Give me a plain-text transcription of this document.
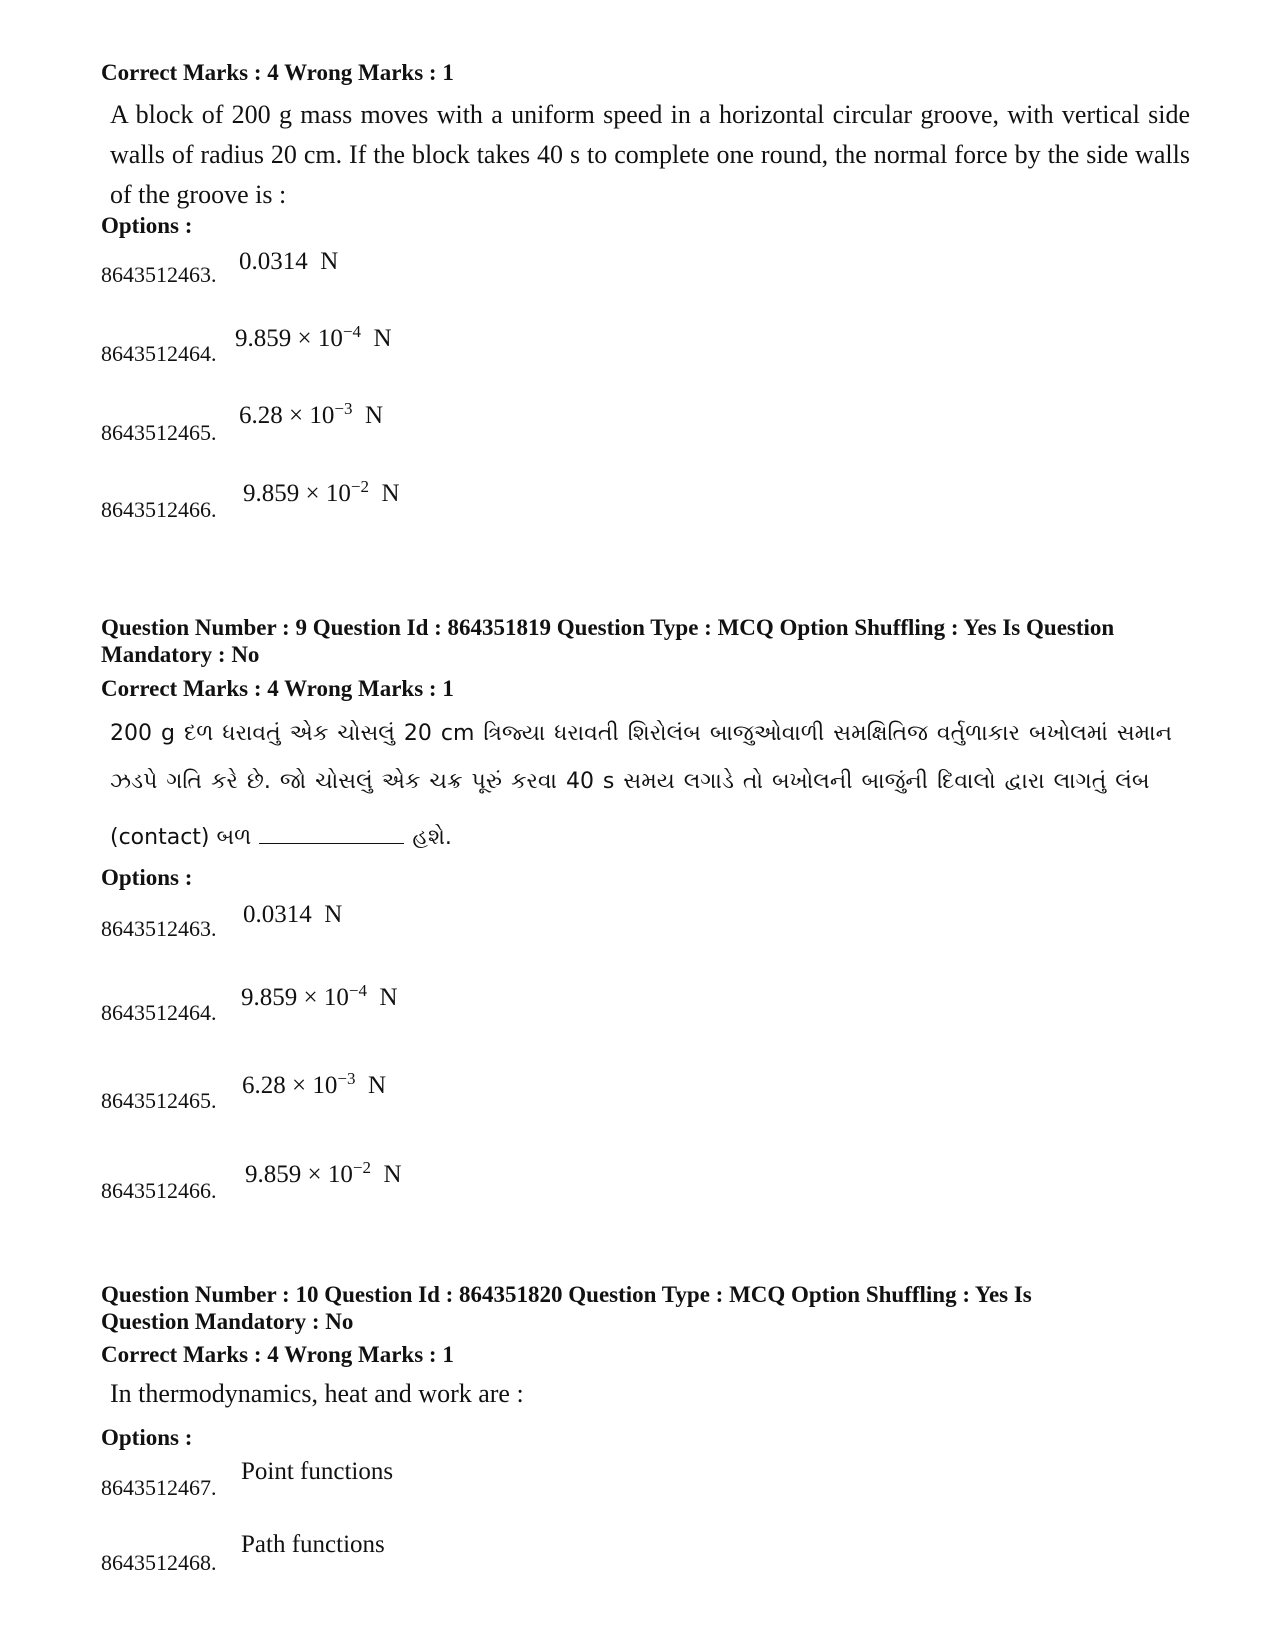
Correct Marks : 4 Wrong Marks : 1
A block of 200 g mass moves with a uniform speed in a horizontal circular groove, with vertical side walls of radius 20 cm. If the block takes 40 s to complete one round, the normal force by the side walls of the groove is :
Options :
8643512463. 0.0314 N
8643512464.
$9.859 \times 10^{-4}$ N
8643512465.
$6.28 \times 10^{-3}$ N
8643512466.
$9.859 \times 10^{-2}$ N
Question Number : 9 Question Id : 864351819 Question Type : MCQ Option Shuffling : Yes Is Question
Mandatory : No
Correct Marks : 4 Wrong Marks : 1
200 g દળ ધરાવતું એક ચોસલું 20 cm ત્રિજ્યા ધરાવતી શિરોલંબ બાજુઓવાળી સમક્ષિતિજ વર્તુળાકાર બખોલમાં સમાન
ઝડપે ગતિ કરે છે. જો ચોસલું એક ચક્ર પૂરું કરવા 40 s સમય લગાડે તો બખોલની બાજુંની દિવાલો દ્વારા લાગતું લંબ
(contact) બળ	હશે.
Options :
8643512463.
0.0314 N
8643512464.
$9.859 \times 10^{-4}$ N
8643512465.
$6.28 \times 10^{-3}$ N
8643512466.
$9.859 \times 10^{-2}$ N
Question Number : 10 Question Id : 864351820 Question Type : MCQ Option Shuffling : Yes Is
Question Mandatory : No
Correct Marks : 4 Wrong Marks : 1
In thermodynamics, heat and work are :
Options :
8643512467.
Point functions
8643512468.
Path functions
